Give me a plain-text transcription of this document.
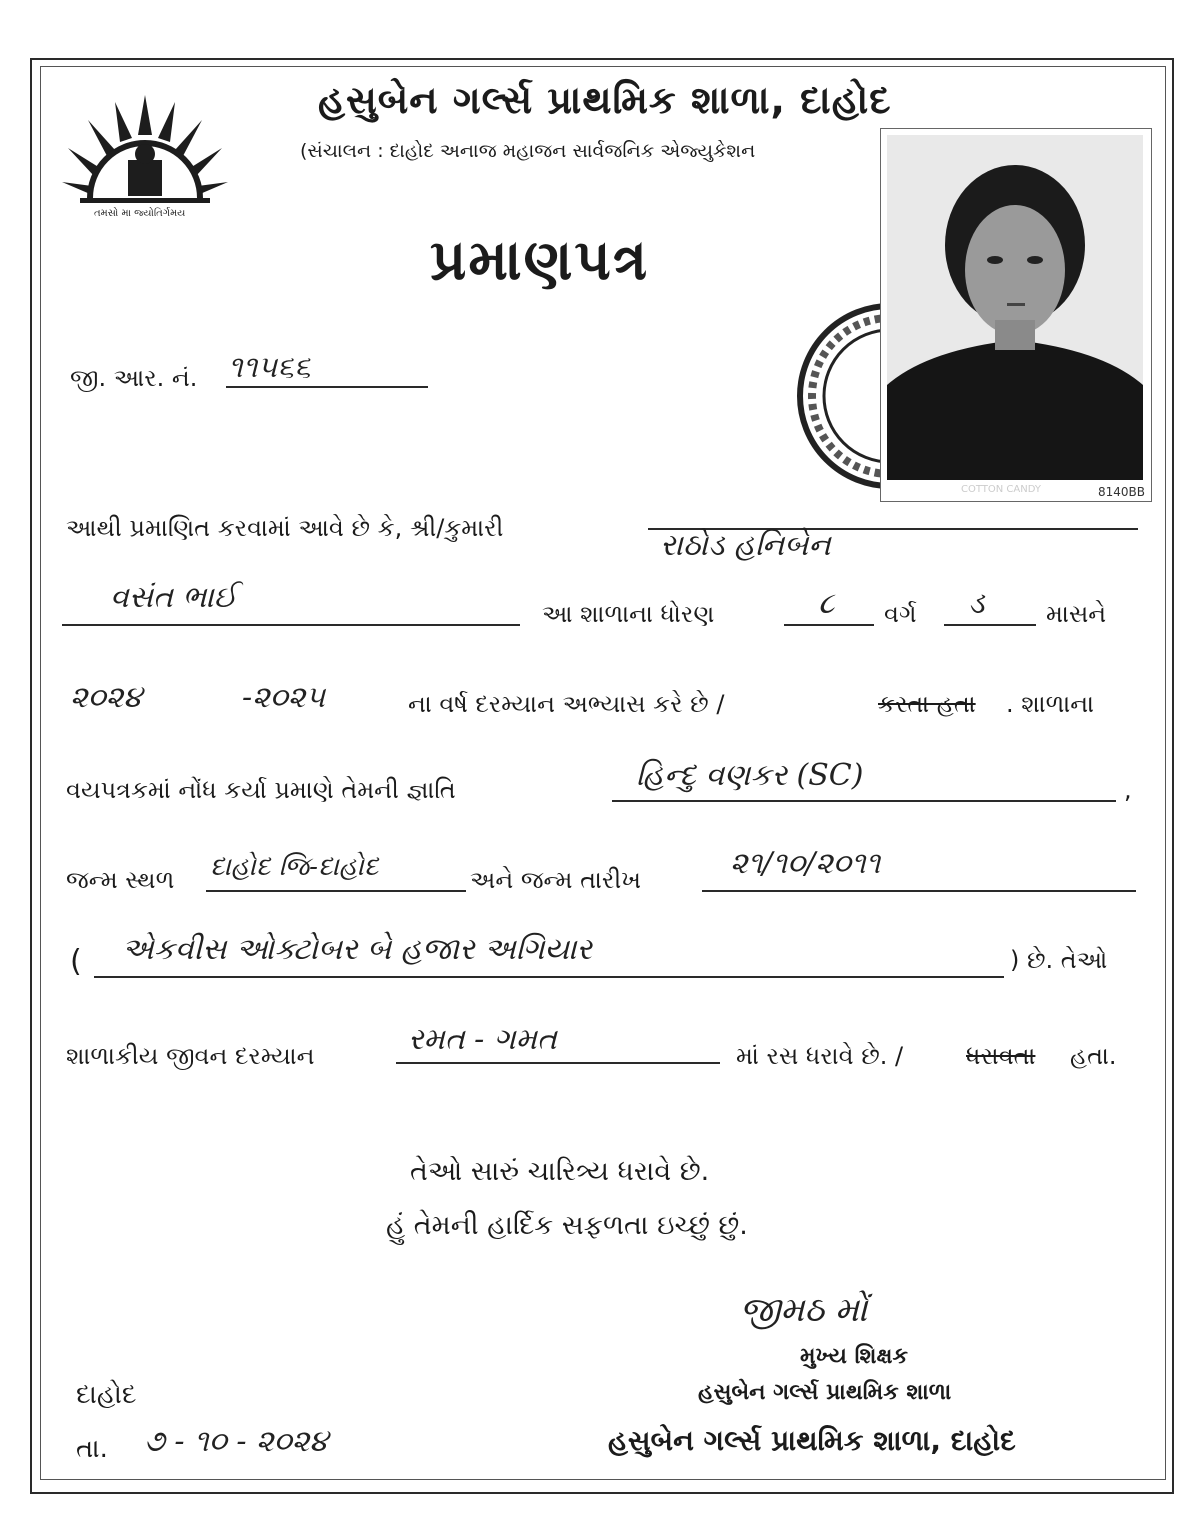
તમસો મા જ્યોતિર્ગમય
હસુબેન ગર્લ્સ પ્રાથમિક શાળા, દાહોદ
(સંચાલન : દાહોદ અનાજ મહાજન સાર્વજનિક એજ્યુકેશન
પ્રમાણપત્ર
COTTON CANDY	8140BB
જી. આર. નં. ૧૧૫૬૬
આથી પ્રમાણિત કરવામાં આવે છે કે, શ્રી/કુમારી	રાઠોડ હનિબેન
વસંત ભાઈ	આ શાળાના ધોરણ	૮ વર્ગ ડ	માસને
૨૦૨૪	-૨૦૨૫	ના વર્ષ દરમ્યાન અભ્યાસ કરે છે /	કરતા હતા . શાળાના
વયપત્રકમાં નોંધ કર્યા પ્રમાણે તેમની જ્ઞાતિ	હિન્દુ વણકર (SC)	,
જન્મ સ્થળ દાહોદ જિ-દાહોદ	અને જન્મ તારીખ	૨૧/૧૦/૨૦૧૧
( એકવીસ ઓક્ટોબર બે હજાર અગિયાર	) છે. તેઓ
શાળાકીય જીવન દરમ્યાન	રમત - ગમત	માં રસ ધરાવે છે. /	ધરાવતા હતા.
તેઓ સારું ચારિત્ર્ય ધરાવે છે.
હું તેમની હાર્દિક સફળતા ઇચ્છું છું.
જીમઠ મોં
મુખ્ય શિક્ષક
હસુબેન ગર્લ્સ પ્રાથમિક શાળા
હસુબેન ગર્લ્સ પ્રાથમિક શાળા, દાહોદ
દાહોદ
તા. ૭ - ૧૦ - ૨૦૨૪
